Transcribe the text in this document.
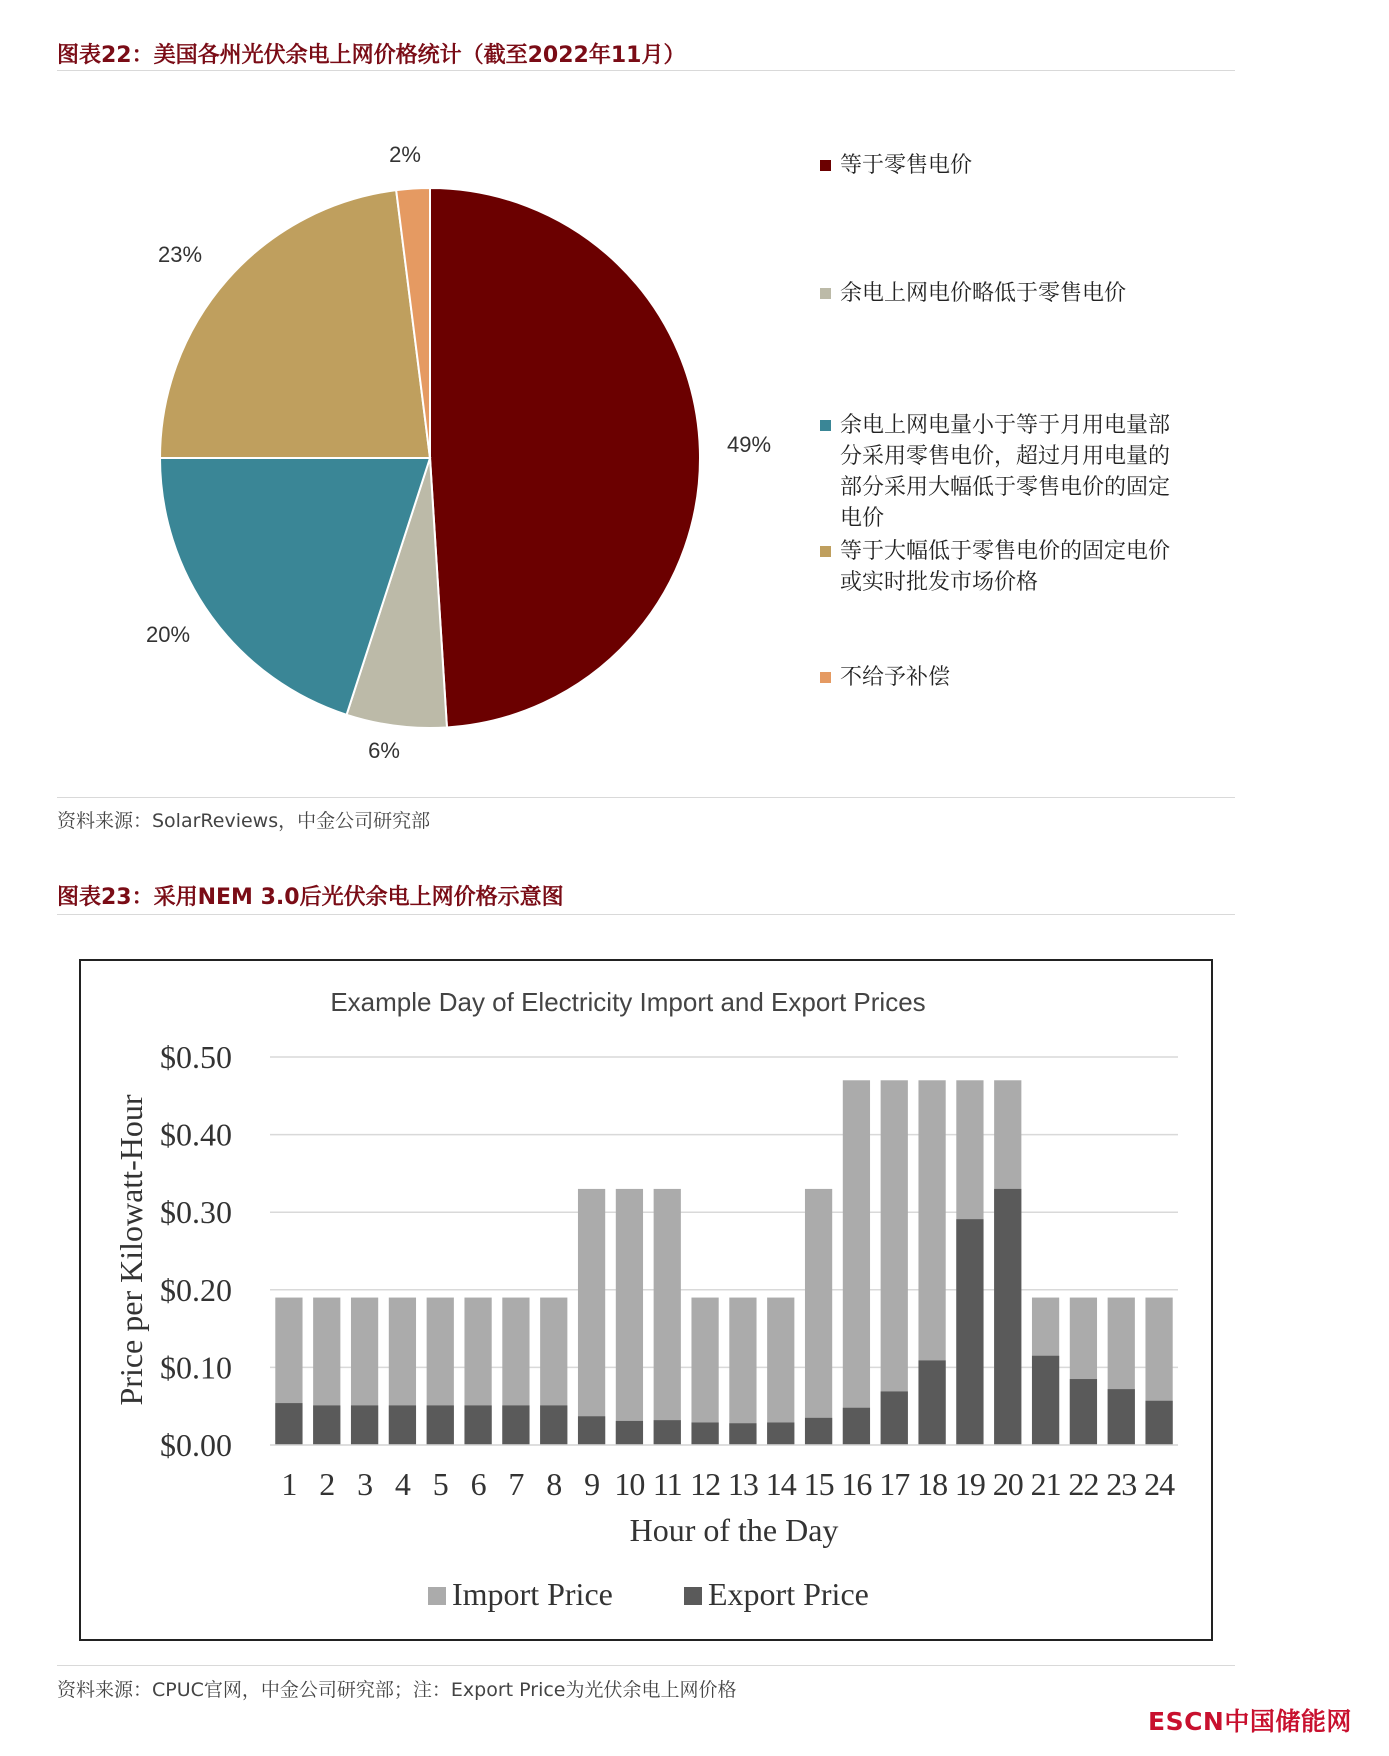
图表22：美国各州光伏余电上网价格统计（截至2022年11月）
49%
6%
20%
23%
2%	等于零售电价
余电上网电价略低于零售电价
余电上网电量小于等于月用电量部
分采用零售电价，超过月用电量的
部分采用大幅低于零售电价的固定
电价
等于大幅低于零售电价的固定电价
或实时批发市场价格
不给予补偿
资料来源：SolarReviews，中金公司研究部
图表23：采用NEM 3.0后光伏余电上网价格示意图
Example Day of Electricity Import and Export Prices
$0.00
$0.10
$0.20
$0.30
$0.40
$0.50
1 2 3 4 5 6 7 8 9 10 11 12 13 14 15 16 17 18 19 20 21 22 23 24
Hour of the Day
Price per Kilowatt-Hour
Import Price	Export Price
资料来源：CPUC官网，中金公司研究部；注：Export Price为光伏余电上网价格
ESCN中国储能网
